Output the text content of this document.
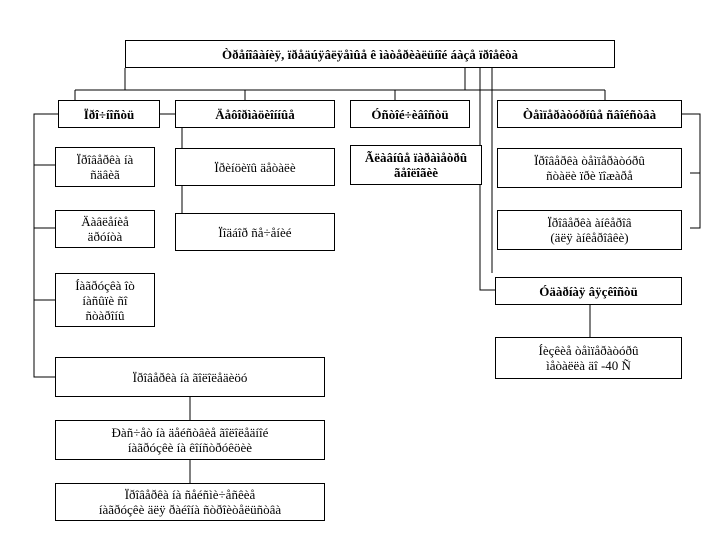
Òðåíîâàíèÿ, ïðåäúÿâëÿåìûå ê ìàòåðèàëüíîé áàçå ïðîåêòà
Ïðî÷íîñòü	Äåôîðìàöèîííûå	Óñòîé÷èâîñòü	Òåìïåðàòóðíûå ñâîéñòâà
Ïðîâåðêà íà
ñäâèã
Äàâëåíèå
äðóíòà
Íàãðóçêà îò
íàñûïè ñî
ñòàðîíû
Ïðèíöèïû äåòàëè
Ïîäáîð ñå÷åíèé
Ãëàâíûå ïàðàìåòðû
ãåîëîãèè
Ïðîâåðêà òåìïåðàòóðû
ñòàëè ïðè ïîæàðå
Ïðîâåðêà àíêåðîâ
(äëÿ àíêåðîâêè)
Óäàðíàÿ âÿçêîñòü
Íèçêèå òåìïåðàòóðû
ìåòàëëà äî -40 Ñ
Ïðîâåðêà íà ãîëîëåäèöó
Ðàñ÷åò íà äåéñòâèå ãîëîëåäíîé
íàãðóçêè íà êîíñòðóêöèè
Ïðîâåðêà íà ñåéñìè÷åñêèå
íàãðóçêè äëÿ ðàéîíà ñòðîèòåëüñòâà
